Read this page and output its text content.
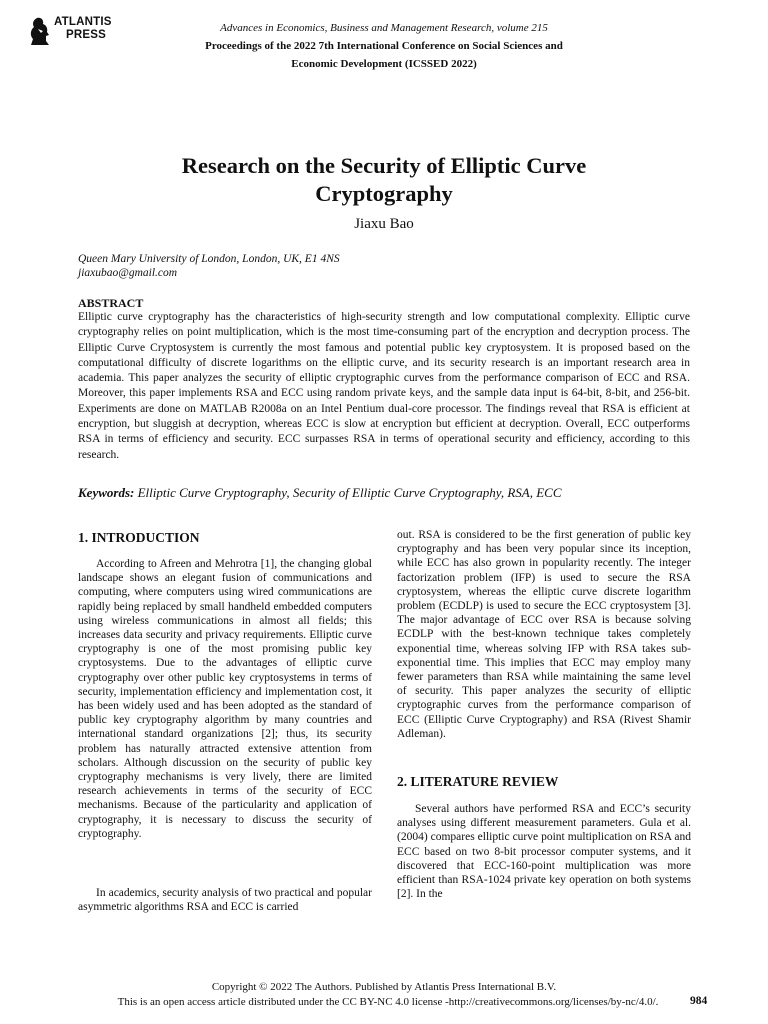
ATLANTIS
PRESS
Advances in Economics, Business and Management Research, volume 215
Proceedings of the 2022 7th International Conference on Social Sciences and
Economic Development (ICSSED 2022)
Research on the Security of Elliptic Curve
Cryptography
Jiaxu Bao
Queen Mary University of London, London, UK, E1 4NS
jiaxubao@gmail.com
ABSTRACT
Elliptic curve cryptography has the characteristics of high-security strength and low computational complexity. Elliptic curve cryptography relies on point multiplication, which is the most time-consuming part of the encryption and decryption process. The Elliptic Curve Cryptosystem is currently the most famous and potential public key cryptosystem. It is proposed based on the computational difficulty of discrete logarithms on the elliptic curve, and its security research is an important research area in academia. This paper analyzes the security of elliptic cryptographic curves from the performance comparison of ECC and RSA. Moreover, this paper implements RSA and ECC using random private keys, and the sample data input is 64-bit, 8-bit, and 256-bit. Experiments are done on MATLAB R2008a on an Intel Pentium dual-core processor. The findings reveal that RSA is efficient at encryption, but sluggish at decryption, whereas ECC is slow at encryption but efficient at decryption. Overall, ECC outperforms RSA in terms of efficiency and security. ECC surpasses RSA in terms of operational security and efficiency, according to this research.
Keywords: Elliptic Curve Cryptography, Security of Elliptic Curve Cryptography, RSA, ECC
1. INTRODUCTION
According to Afreen and Mehrotra [1], the changing global landscape shows an elegant fusion of communications and computing, where computers using wired communications are rapidly being replaced by small handheld embedded computers using wireless communications in almost all fields; this increases data security and privacy requirements. Elliptic curve cryptography is one of the most promising public key cryptosystems. Due to the advantages of elliptic curve cryptography over other public key cryptosystems in terms of security, implementation efficiency and implementation cost, it has been widely used and has been adopted as the standard of public key cryptography algorithm by many countries and international standard organizations [2]; thus, its security problem has naturally attracted extensive attention from scholars. Although discussion on the security of public key cryptography mechanisms is very lively, there are limited research achievements in terms of the security of ECC mechanisms. Because of the particularity and application of cryptography, it is necessary to discuss the security of cryptography.
In academics, security analysis of two practical and popular asymmetric algorithms RSA and ECC is carried
out. RSA is considered to be the first generation of public key cryptography and has been very popular since its inception, while ECC has also grown in popularity recently. The integer factorization problem (IFP) is used to secure the RSA cryptosystem, whereas the elliptic curve discrete logarithm problem (ECDLP) is used to secure the ECC cryptosystem [3]. The major advantage of ECC over RSA is because solving ECDLP with the best-known technique takes completely exponential time, whereas solving IFP with RSA takes sub-exponential time. This implies that ECC may employ many fewer parameters than RSA while maintaining the same level of security. This paper analyzes the security of elliptic cryptographic curves from the performance comparison of ECC (Elliptic Curve Cryptography) and RSA (Rivest Shamir Adleman).
2. LITERATURE REVIEW
Several authors have performed RSA and ECC’s security analyses using different measurement parameters. Gula et al. (2004) compares elliptic curve point multiplication on RSA and ECC based on two 8-bit processor computer systems, and it discovered that ECC-160-point multiplication was more efficient than RSA-1024 private key operation on both systems [2]. In the
Copyright © 2022 The Authors. Published by Atlantis Press International B.V.
This is an open access article distributed under the CC BY-NC 4.0 license -http://creativecommons.org/licenses/by-nc/4.0/.	984
